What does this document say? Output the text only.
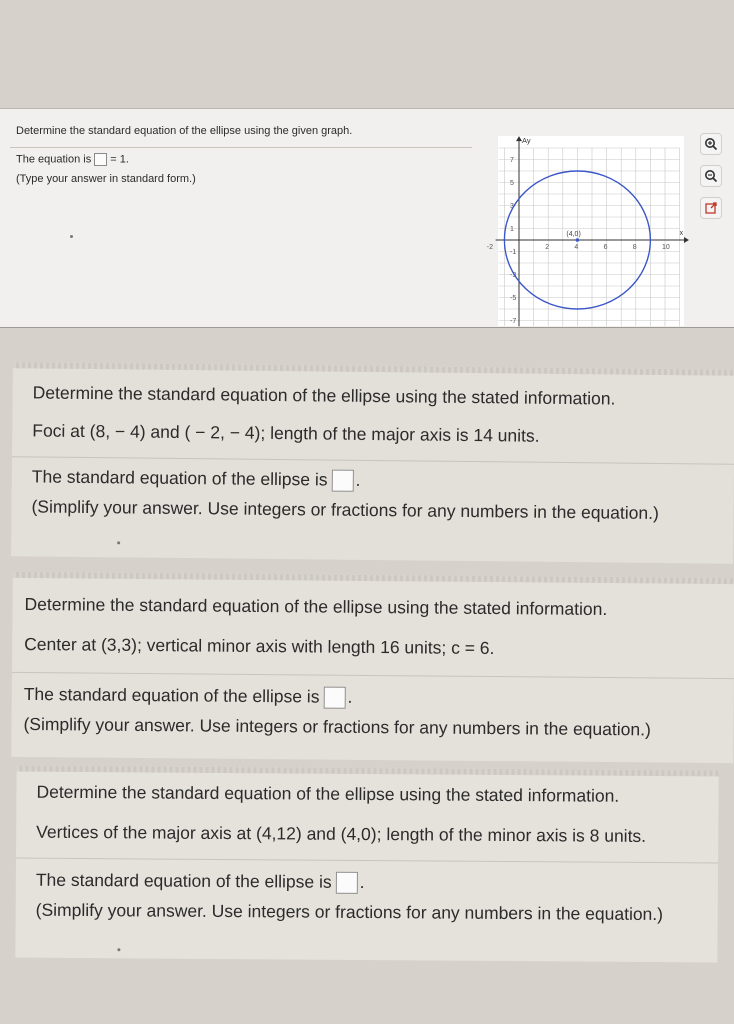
Determine the standard equation of the ellipse using the given graph.
The equation is = 1.
(Type your answer in standard form.)
-2	2	4	6	8	10
7
5
3
1
-1
-3
-5
-7
(4,0)
Ay
x
Determine the standard equation of the ellipse using the stated information.
Foci at (8, − 4) and ( − 2, − 4); length of the major axis is 14 units.
The standard equation of the ellipse is .
(Simplify your answer. Use integers or fractions for any numbers in the equation.)
Determine the standard equation of the ellipse using the stated information.
Center at (3,3); vertical minor axis with length 16 units; c = 6.
The standard equation of the ellipse is .
(Simplify your answer. Use integers or fractions for any numbers in the equation.)
Determine the standard equation of the ellipse using the stated information.
Vertices of the major axis at (4,12) and (4,0); length of the minor axis is 8 units.
The standard equation of the ellipse is .
(Simplify your answer. Use integers or fractions for any numbers in the equation.)
